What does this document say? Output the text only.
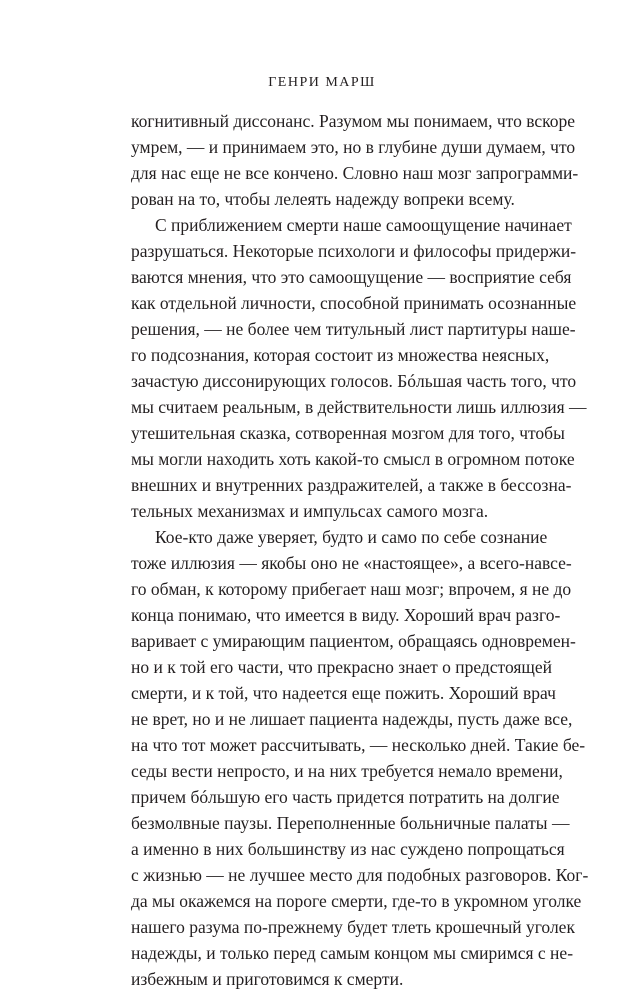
ГЕНРИ МАРШ
когнитивный диссонанс. Разумом мы понимаем, что вскоре
умрем, — и принимаем это, но в глубине души думаем, что
для нас еще не все кончено. Словно наш мозг запрограмми-
рован на то, чтобы лелеять надежду вопреки всему.
С приближением смерти наше самоощущение начинает
разрушаться. Некоторые психологи и философы придержи-
ваются мнения, что это самоощущение — восприятие себя
как отдельной личности, способной принимать осознанные
решения, — не более чем титульный лист партитуры наше-
го подсознания, которая состоит из множества неясных,
зачастую диссонирующих голосов. Бóльшая часть того, что
мы считаем реальным, в действительности лишь иллюзия —
утешительная сказка, сотворенная мозгом для того, чтобы
мы могли находить хоть какой-то смысл в огромном потоке
внешних и внутренних раздражителей, а также в бессозна-
тельных механизмах и импульсах самого мозга.
Кое-кто даже уверяет, будто и само по себе сознание
тоже иллюзия — якобы оно не «настоящее», а всего-навсе-
го обман, к которому прибегает наш мозг; впрочем, я не до
конца понимаю, что имеется в виду. Хороший врач разго-
варивает с умирающим пациентом, обращаясь одновремен-
но и к той его части, что прекрасно знает о предстоящей
смерти, и к той, что надеется еще пожить. Хороший врач
не врет, но и не лишает пациента надежды, пусть даже все,
на что тот может рассчитывать, — несколько дней. Такие бе-
седы вести непросто, и на них требуется немало времени,
причем бóльшую его часть придется потратить на долгие
безмолвные паузы. Переполненные больничные палаты —
а именно в них большинству из нас суждено попрощаться
с жизнью — не лучшее место для подобных разговоров. Ког-
да мы окажемся на пороге смерти, где-то в укромном уголке
нашего разума по-прежнему будет тлеть крошечный уголек
надежды, и только перед самым концом мы смиримся с не-
избежным и приготовимся к смерти.
